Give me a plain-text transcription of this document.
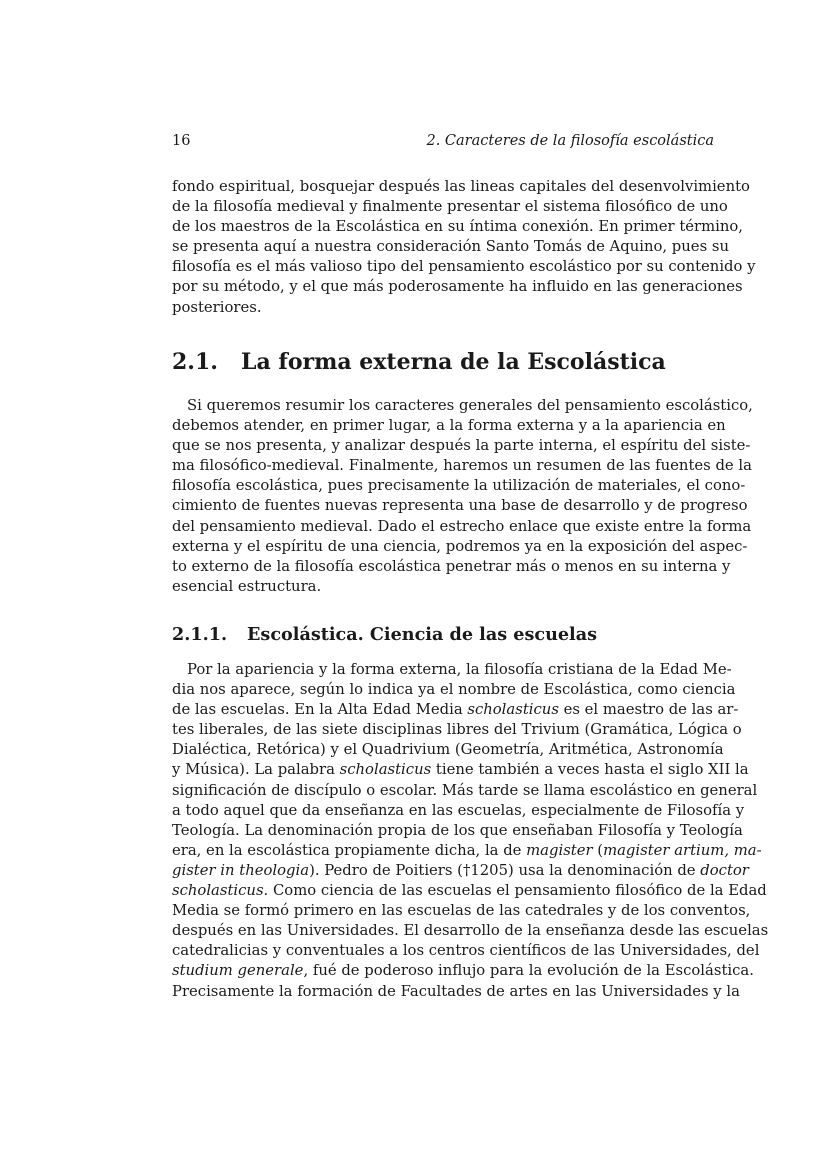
16	2. Caracteres de la filosofía escolástica
fondo espiritual, bosquejar después las lineas capitales del desenvolvimiento
de la filosofía medieval y finalmente presentar el sistema filosófico de uno
de los maestros de la Escolástica en su íntima conexión. En primer término,
se presenta aquí a nuestra consideración Santo Tomás de Aquino, pues su
filosofía es el más valioso tipo del pensamiento escolástico por su contenido y
por su método, y el que más poderosamente ha influido en las generaciones
posteriores.
2.1. La forma externa de la Escolástica
Si queremos resumir los caracteres generales del pensamiento escolástico,
debemos atender, en primer lugar, a la forma externa y a la apariencia en
que se nos presenta, y analizar después la parte interna, el espíritu del siste-
ma filosófico-medieval. Finalmente, haremos un resumen de las fuentes de la
filosofía escolástica, pues precisamente la utilización de materiales, el cono-
cimiento de fuentes nuevas representa una base de desarrollo y de progreso
del pensamiento medieval. Dado el estrecho enlace que existe entre la forma
externa y el espíritu de una ciencia, podremos ya en la exposición del aspec-
to externo de la filosofía escolástica penetrar más o menos en su interna y
esencial estructura.
2.1.1. Escolástica. Ciencia de las escuelas
Por la apariencia y la forma externa, la filosofía cristiana de la Edad Me-
dia nos aparece, según lo indica ya el nombre de Escolástica, como ciencia
de las escuelas. En la Alta Edad Media scholasticus es el maestro de las ar-
tes liberales, de las siete disciplinas libres del Trivium (Gramática, Lógica o
Dialéctica, Retórica) y el Quadrivium (Geometría, Aritmética, Astronomía
y Música). La palabra scholasticus tiene también a veces hasta el siglo XII la
significación de discípulo o escolar. Más tarde se llama escolástico en general
a todo aquel que da enseñanza en las escuelas, especialmente de Filosofía y
Teología. La denominación propia de los que enseñaban Filosofía y Teología
era, en la escolástica propiamente dicha, la de magister (magister artium, ma-
gister in theologia). Pedro de Poitiers (†1205) usa la denominación de doctor
scholasticus. Como ciencia de las escuelas el pensamiento filosófico de la Edad
Media se formó primero en las escuelas de las catedrales y de los conventos,
después en las Universidades. El desarrollo de la enseñanza desde las escuelas
catedralicias y conventuales a los centros científicos de las Universidades, del
studium generale, fué de poderoso influjo para la evolución de la Escolástica.
Precisamente la formación de Facultades de artes en las Universidades y la
